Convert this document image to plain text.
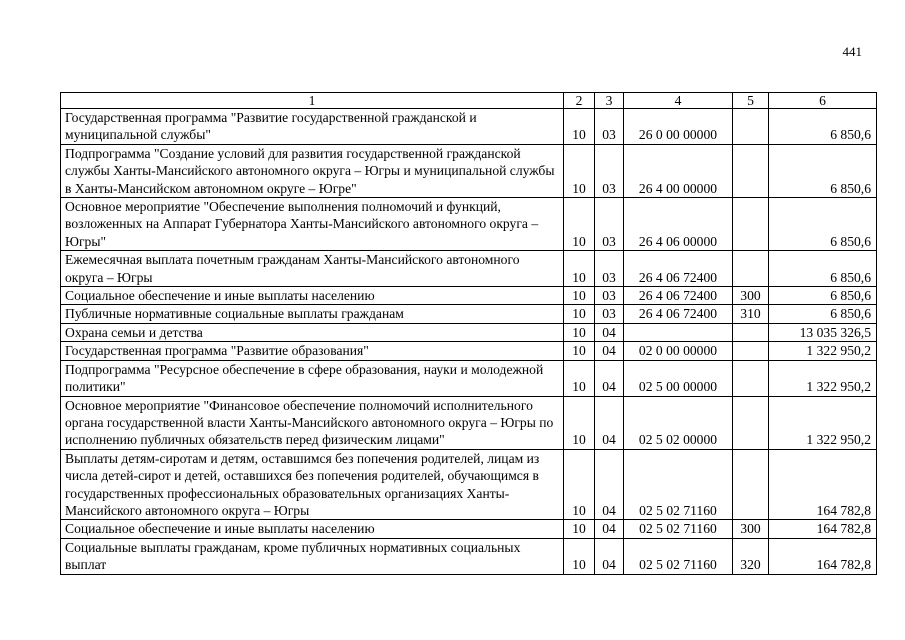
441
1	2	3	4	5	6
Государственная программа "Развитие государственной гражданской и муниципальной службы"	10	03	26 0 00 00000		6 850,6
Подпрограмма "Создание условий для развития государственной гражданской службы Ханты-Мансийского автономного округа – Югры и муниципальной службы в Ханты-Мансийском автономном округе – Югре"	10	03	26 4 00 00000		6 850,6
Основное мероприятие "Обеспечение выполнения полномочий и функций, возложенных на Аппарат Губернатора Ханты-Мансийского автономного округа – Югры"	10	03	26 4 06 00000		6 850,6
Ежемесячная выплата почетным гражданам Ханты-Мансийского автономного округа – Югры	10	03	26 4 06 72400		6 850,6
Социальное обеспечение и иные выплаты населению	10	03	26 4 06 72400	300	6 850,6
Публичные нормативные социальные выплаты гражданам	10	03	26 4 06 72400	310	6 850,6
Охрана семьи и детства	10	04			13 035 326,5
Государственная программа "Развитие образования"	10	04	02 0 00 00000		1 322 950,2
Подпрограмма "Ресурсное обеспечение в сфере образования, науки и молодежной политики"	10	04	02 5 00 00000		1 322 950,2
Основное мероприятие "Финансовое обеспечение полномочий исполнительного органа государственной власти Ханты-Мансийского автономного округа – Югры по исполнению публичных обязательств перед физическим лицами"	10	04	02 5 02 00000		1 322 950,2
Выплаты детям-сиротам и детям, оставшимся без попечения родителей, лицам из числа детей-сирот и детей, оставшихся без попечения родителей, обучающимся в государственных профессиональных образовательных организациях Ханты-Мансийского автономного округа – Югры	10	04	02 5 02 71160		164 782,8
Социальное обеспечение и иные выплаты населению	10	04	02 5 02 71160	300	164 782,8
Социальные выплаты гражданам, кроме публичных нормативных социальных выплат	10	04	02 5 02 71160	320	164 782,8
